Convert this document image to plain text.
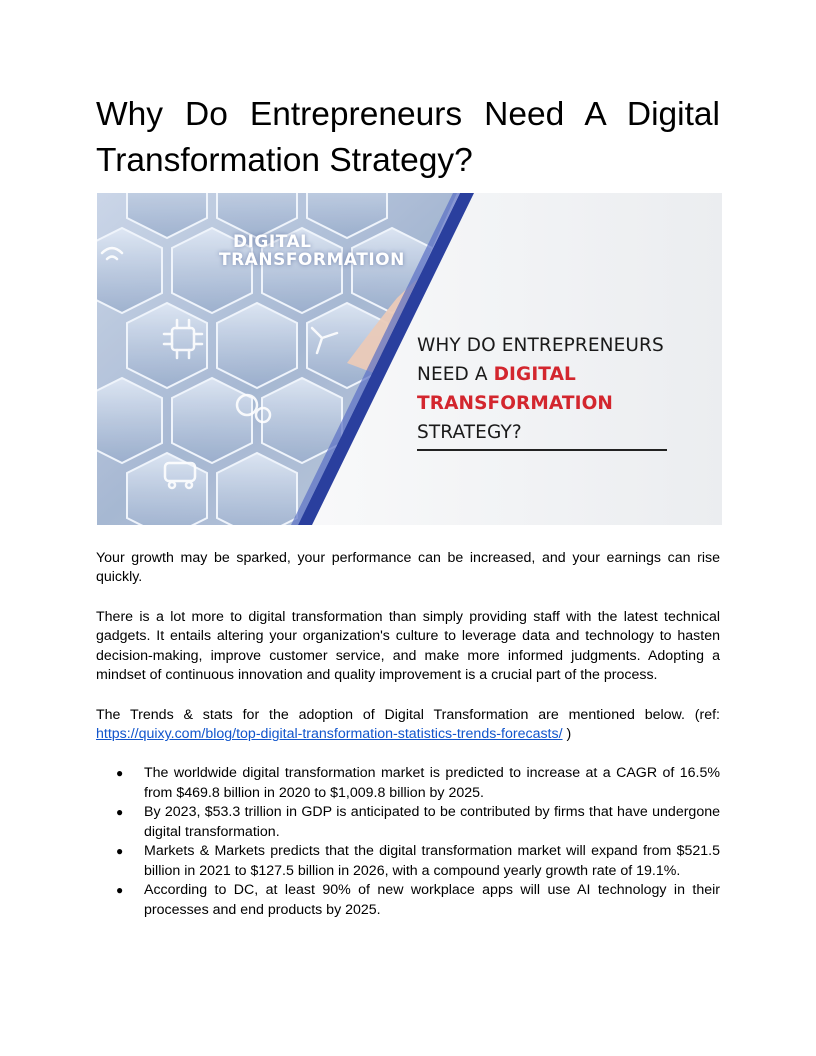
Why Do Entrepreneurs Need A Digital Transformation Strategy?
DIGITAL
TRANSFORMATION
WHY DO ENTREPRENEURS
NEED A DIGITAL
TRANSFORMATION
STRATEGY?

Your growth may be sparked, your performance can be increased, and your earnings can rise quickly.

There is a lot more to digital transformation than simply providing staff with the latest technical gadgets. It entails altering your organization's culture to leverage data and technology to hasten decision-making, improve customer service, and make more informed judgments. Adopting a mindset of continuous innovation and quality improvement is a crucial part of the process.

The Trends & stats for the adoption of Digital Transformation are mentioned below. (ref: https://quixy.com/blog/top-digital-transformation-statistics-trends-forecasts/ )

● The worldwide digital transformation market is predicted to increase at a CAGR of 16.5% from $469.8 billion in 2020 to $1,009.8 billion by 2025.
● By 2023, $53.3 trillion in GDP is anticipated to be contributed by firms that have undergone digital transformation.
● Markets & Markets predicts that the digital transformation market will expand from $521.5 billion in 2021 to $127.5 billion in 2026, with a compound yearly growth rate of 19.1%.
● According to DC, at least 90% of new workplace apps will use AI technology in their processes and end products by 2025.
